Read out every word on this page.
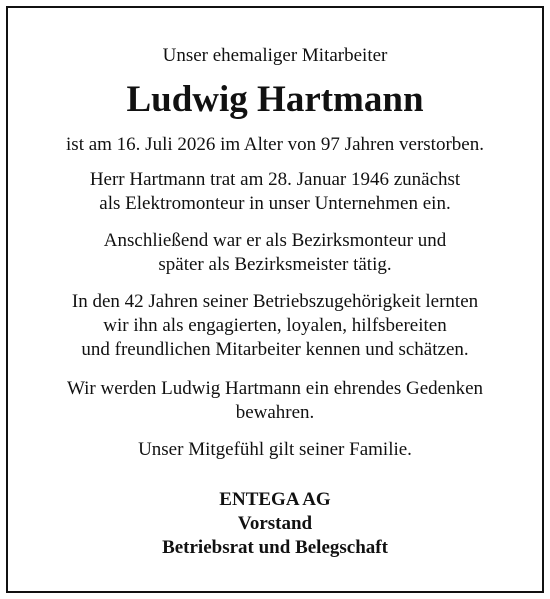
Unser ehemaliger Mitarbeiter
Ludwig Hartmann
ist am 16. Juli 2026 im Alter von 97 Jahren verstorben.
Herr Hartmann trat am 28. Januar 1946 zunächst
als Elektromonteur in unser Unternehmen ein.
Anschließend war er als Bezirksmonteur und
später als Bezirksmeister tätig.
In den 42 Jahren seiner Betriebszugehörigkeit lernten
wir ihn als engagierten, loyalen, hilfsbereiten
und freundlichen Mitarbeiter kennen und schätzen.
Wir werden Ludwig Hartmann ein ehrendes Gedenken
bewahren.
Unser Mitgefühl gilt seiner Familie.
ENTEGA AG
Vorstand
Betriebsrat und Belegschaft
